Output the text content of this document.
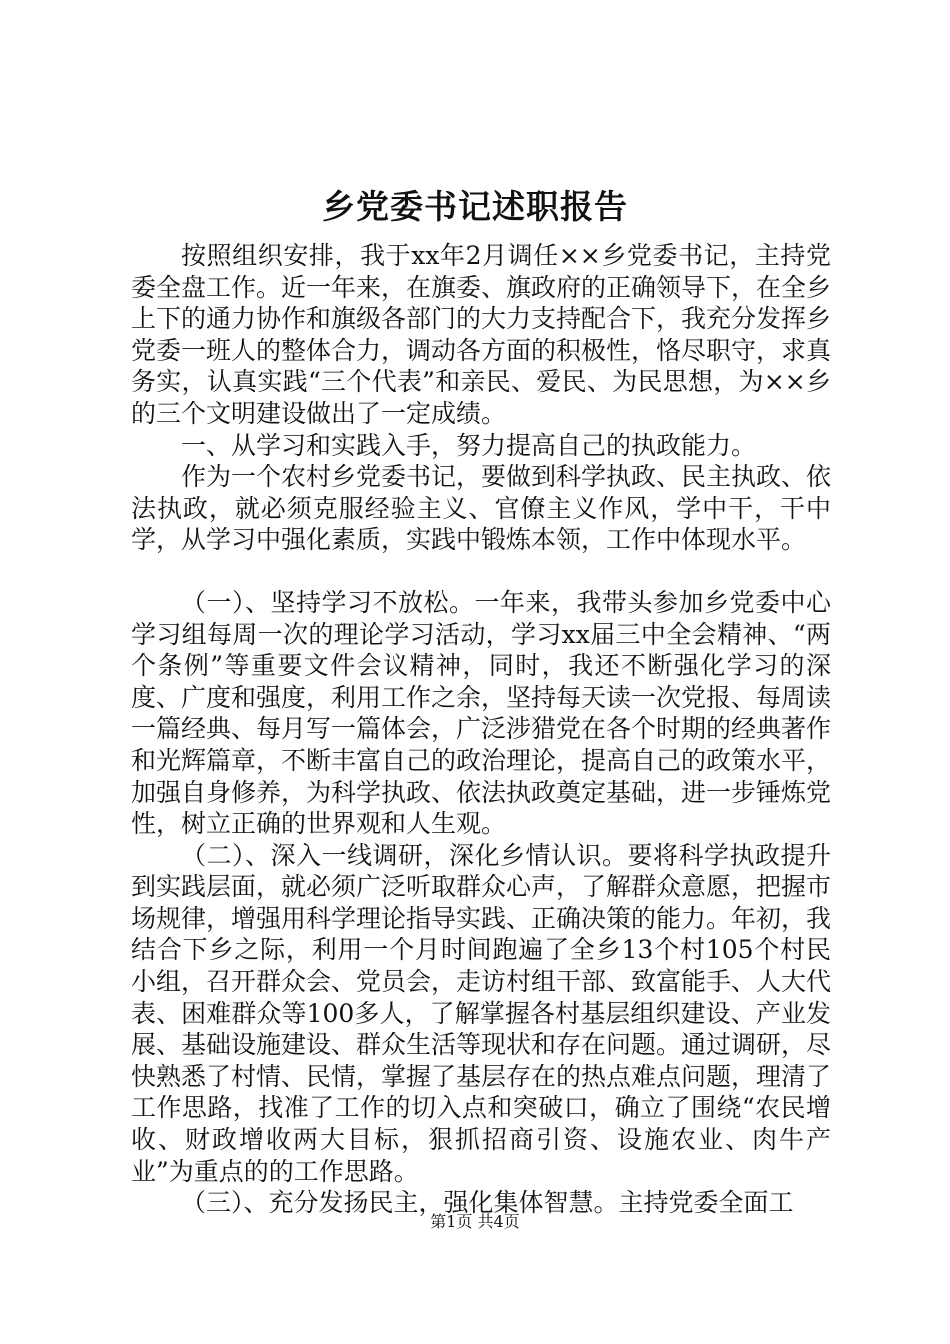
乡党委书记述职报告

按照组织安排，我于xx年2月调任××乡党委书记，主持党委全盘工作。近一年来，在旗委、旗政府的正确领导下，在全乡上下的通力协作和旗级各部门的大力支持配合下，我充分发挥乡党委一班人的整体合力，调动各方面的积极性，恪尽职守，求真务实，认真实践“三个代表”和亲民、爱民、为民思想，为××乡的三个文明建设做出了一定成绩。

一、从学习和实践入手，努力提高自己的执政能力。

作为一个农村乡党委书记，要做到科学执政、民主执政、依法执政，就必须克服经验主义、官僚主义作风，学中干，干中学，从学习中强化素质，实践中锻炼本领，工作中体现水平。

（一）、坚持学习不放松。一年来，我带头参加乡党委中心学习组每周一次的理论学习活动，学习xx届三中全会精神、“两个条例”等重要文件会议精神，同时，我还不断强化学习的深度、广度和强度，利用工作之余，坚持每天读一次党报、每周读一篇经典、每月写一篇体会，广泛涉猎党在各个时期的经典著作和光辉篇章，不断丰富自己的政治理论，提高自己的政策水平，加强自身修养，为科学执政、依法执政奠定基础，进一步锤炼党性，树立正确的世界观和人生观。

（二）、深入一线调研，深化乡情认识。要将科学执政提升到实践层面，就必须广泛听取群众心声，了解群众意愿，把握市场规律，增强用科学理论指导实践、正确决策的能力。年初，我结合下乡之际，利用一个月时间跑遍了全乡13个村105个村民小组，召开群众会、党员会，走访村组干部、致富能手、人大代表、困难群众等100多人，了解掌握各村基层组织建设、产业发展、基础设施建设、群众生活等现状和存在问题。通过调研，尽快熟悉了村情、民情，掌握了基层存在的热点难点问题，理清了工作思路，找准了工作的切入点和突破口，确立了围绕“农民增收、财政增收两大目标，狠抓招商引资、设施农业、肉牛产业”为重点的的工作思路。

（三）、充分发扬民主，强化集体智慧。主持党委全面工

第1页 共4页
